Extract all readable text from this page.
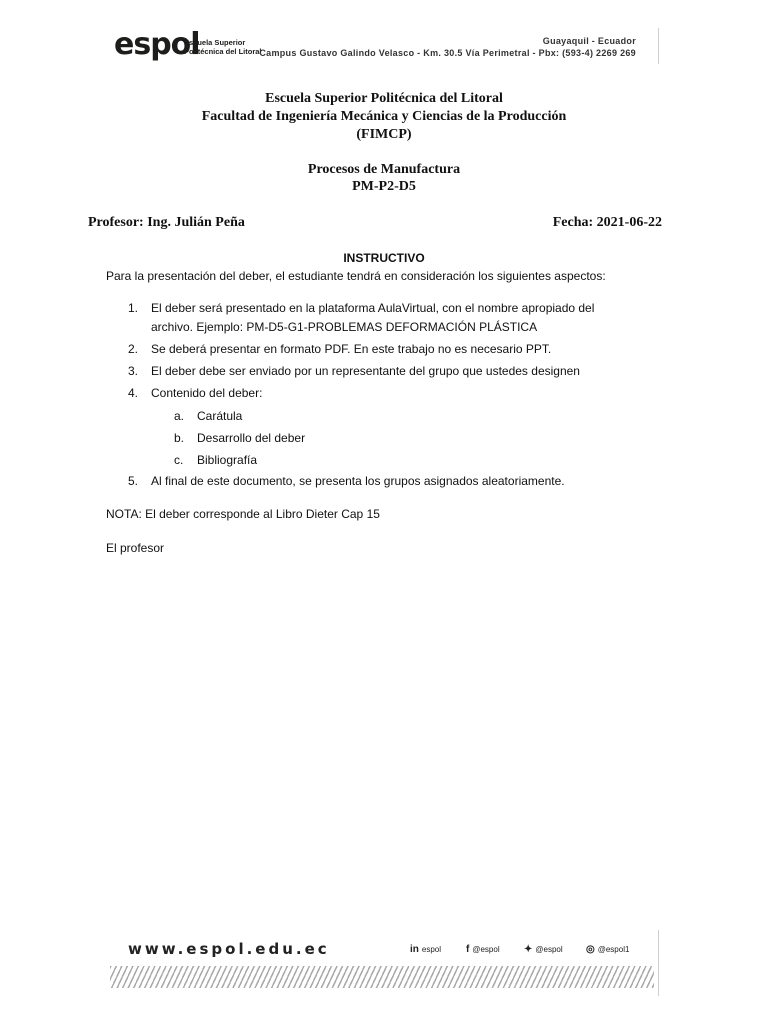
espol
Escuela Superior
Politécnica del Litoral
Guayaquil - Ecuador
Campus Gustavo Galindo Velasco - Km. 30.5 Vía Perimetral - Pbx: (593-4) 2269 269
Escuela Superior Politécnica del Litoral
Facultad de Ingeniería Mecánica y Ciencias de la Producción
(FIMCP)
Procesos de Manufactura
PM-P2-D5
Profesor: Ing. Julián Peña	Fecha: 2021-06-22
INSTRUCTIVO
Para la presentación del deber, el estudiante tendrá en consideración los siguientes aspectos:
1. El deber será presentado en la plataforma AulaVirtual, con el nombre apropiado del
archivo. Ejemplo: PM-D5-G1-PROBLEMAS DEFORMACIÓN PLÁSTICA
2. Se deberá presentar en formato PDF. En este trabajo no es necesario PPT.
3. El deber debe ser enviado por un representante del grupo que ustedes designen
4. Contenido del deber:
a. Carátula
b. Desarrollo del deber
c. Bibliografía
5. Al final de este documento, se presenta los grupos asignados aleatoriamente.
NOTA: El deber corresponde al Libro Dieter Cap 15
El profesor
www.espol.edu.ec	in espol f @espol ✦ @espol ◎ @espol1
